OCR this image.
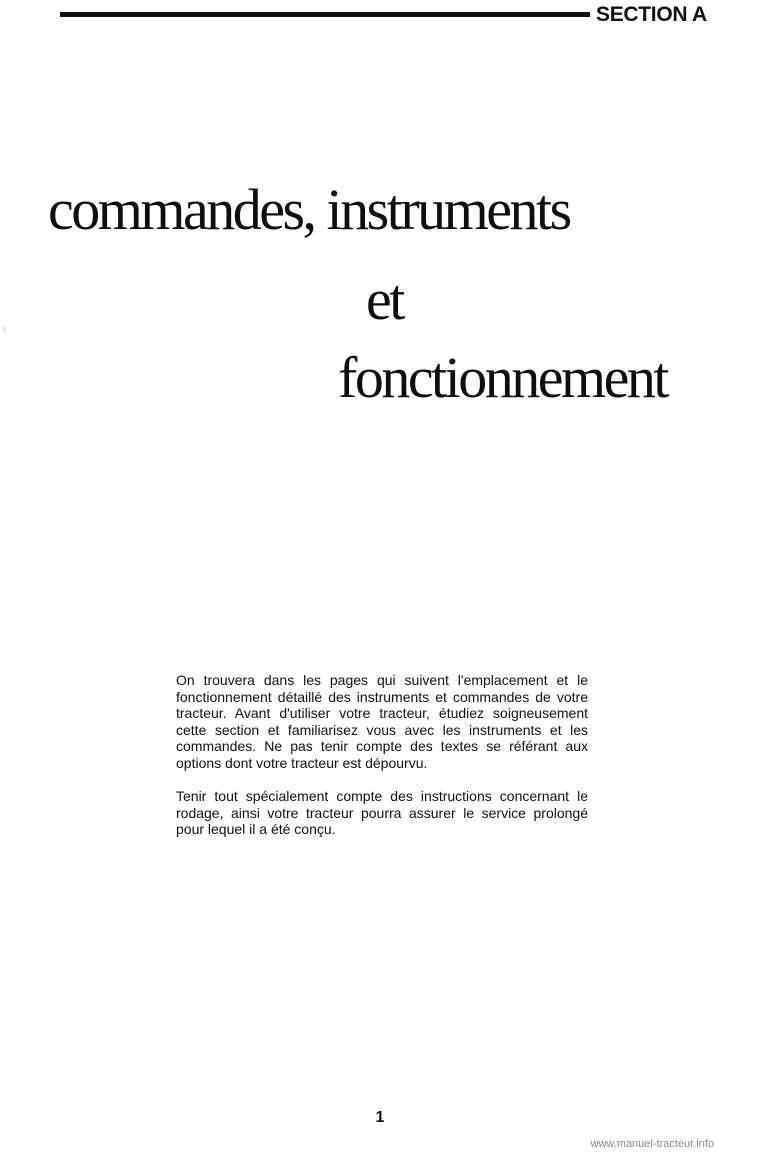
SECTION A
commandes, instruments
et
fonctionnement

On trouvera dans les pages qui suivent l'emplacement et le fonctionnement détaillé des instruments et commandes de votre tracteur. Avant d'utiliser votre tracteur, étudiez soigneusement cette section et familiarisez vous avec les instruments et les commandes. Ne pas tenir compte des textes se référant aux options dont votre tracteur est dépourvu.

Tenir tout spécialement compte des instructions concernant le rodage, ainsi votre tracteur pourra assurer le service prolongé pour lequel il a été conçu.

1
www.manuel-tracteur.info
